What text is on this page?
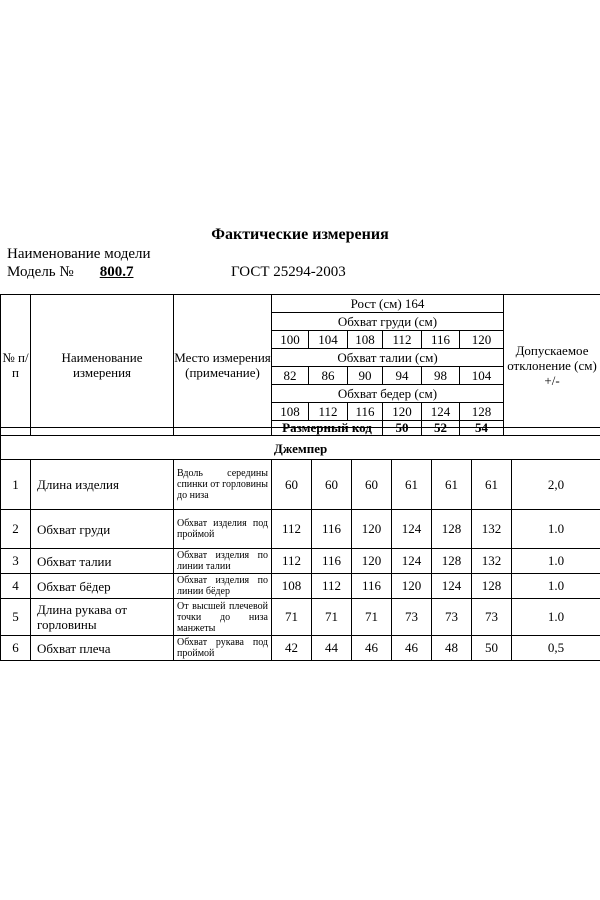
Фактические измерения
Наименование модели
Модель № 800.7	ГОСТ 25294-2003
№ п/ п	Наименование измерения	Место измерения (примечание)	Рост (см) 164						Допускаемое отклонение (см) +/-	
			Обхват груди (см)							
			100	104	108	112	116	120		
			Обхват талии (см)							
			82	86	90	94	98	104		
			Обхват бедер (см)							
			108	112	116	120	124	128		
			Размерный код			50	52	54				
Джемпер									
1	Длина изделия	Вдоль середины спинки от горловины до низа	60	60	60	61	61	61	2,0
2	Обхват груди	Обхват изделия под проймой	112	116	120	124	128	132	1.0
3	Обхват талии	Обхват изделия по линии талии	112	116	120	124	128	132	1.0
4	Обхват бёдер	Обхват изделия по линии бёдер	108	112	116	120	124	128	1.0
5	Длина рукава от горловины	От высшей плечевой точки до низа манжеты	71	71	71	73	73	73	1.0
6	Обхват плеча	Обхват рукава под проймой	42	44	46	46	48	50	0,5
